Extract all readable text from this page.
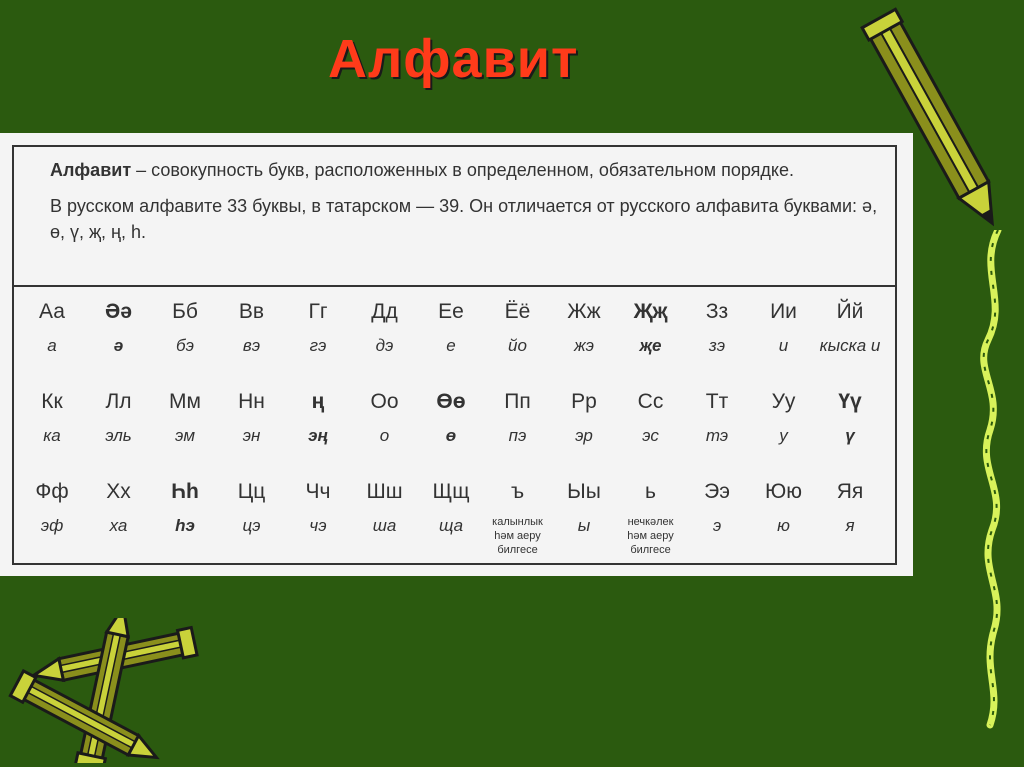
Алфавит

Алфавит – совокупность букв, расположенных в определенном, обязательном порядке.

В русском алфавите 33 буквы, в татарском — 39. Он отличается от русского алфавита буквами: ә, ө, ү, җ, ң, һ.

Аа
а
Әә
ә
Бб
бэ
Вв
вэ
Гг
гэ
Дд
дэ
Ее
е
Ёё
йо
Жж
жэ
Җҗ
җе
Зз
зэ
Ии
и
Йй
кыска и
Кк
ка
Лл
эль
Мм
эм
Нн
эн
ң
эң
Оо
о
Өө
ө
Пп
пэ
Рр
эр
Сс
эс
Тт
тэ
Уу
у
Үү
ү
Фф
эф
Хх
ха
Һһ
һэ
Цц
цэ
Чч
чэ
Шш
ша
Щщ
ща
ъ
калынлык һәм аеру билгесе
Ыы
ы
ь
нечкәлек һәм аеру билгесе
Ээ
э
Юю
ю
Яя
я
